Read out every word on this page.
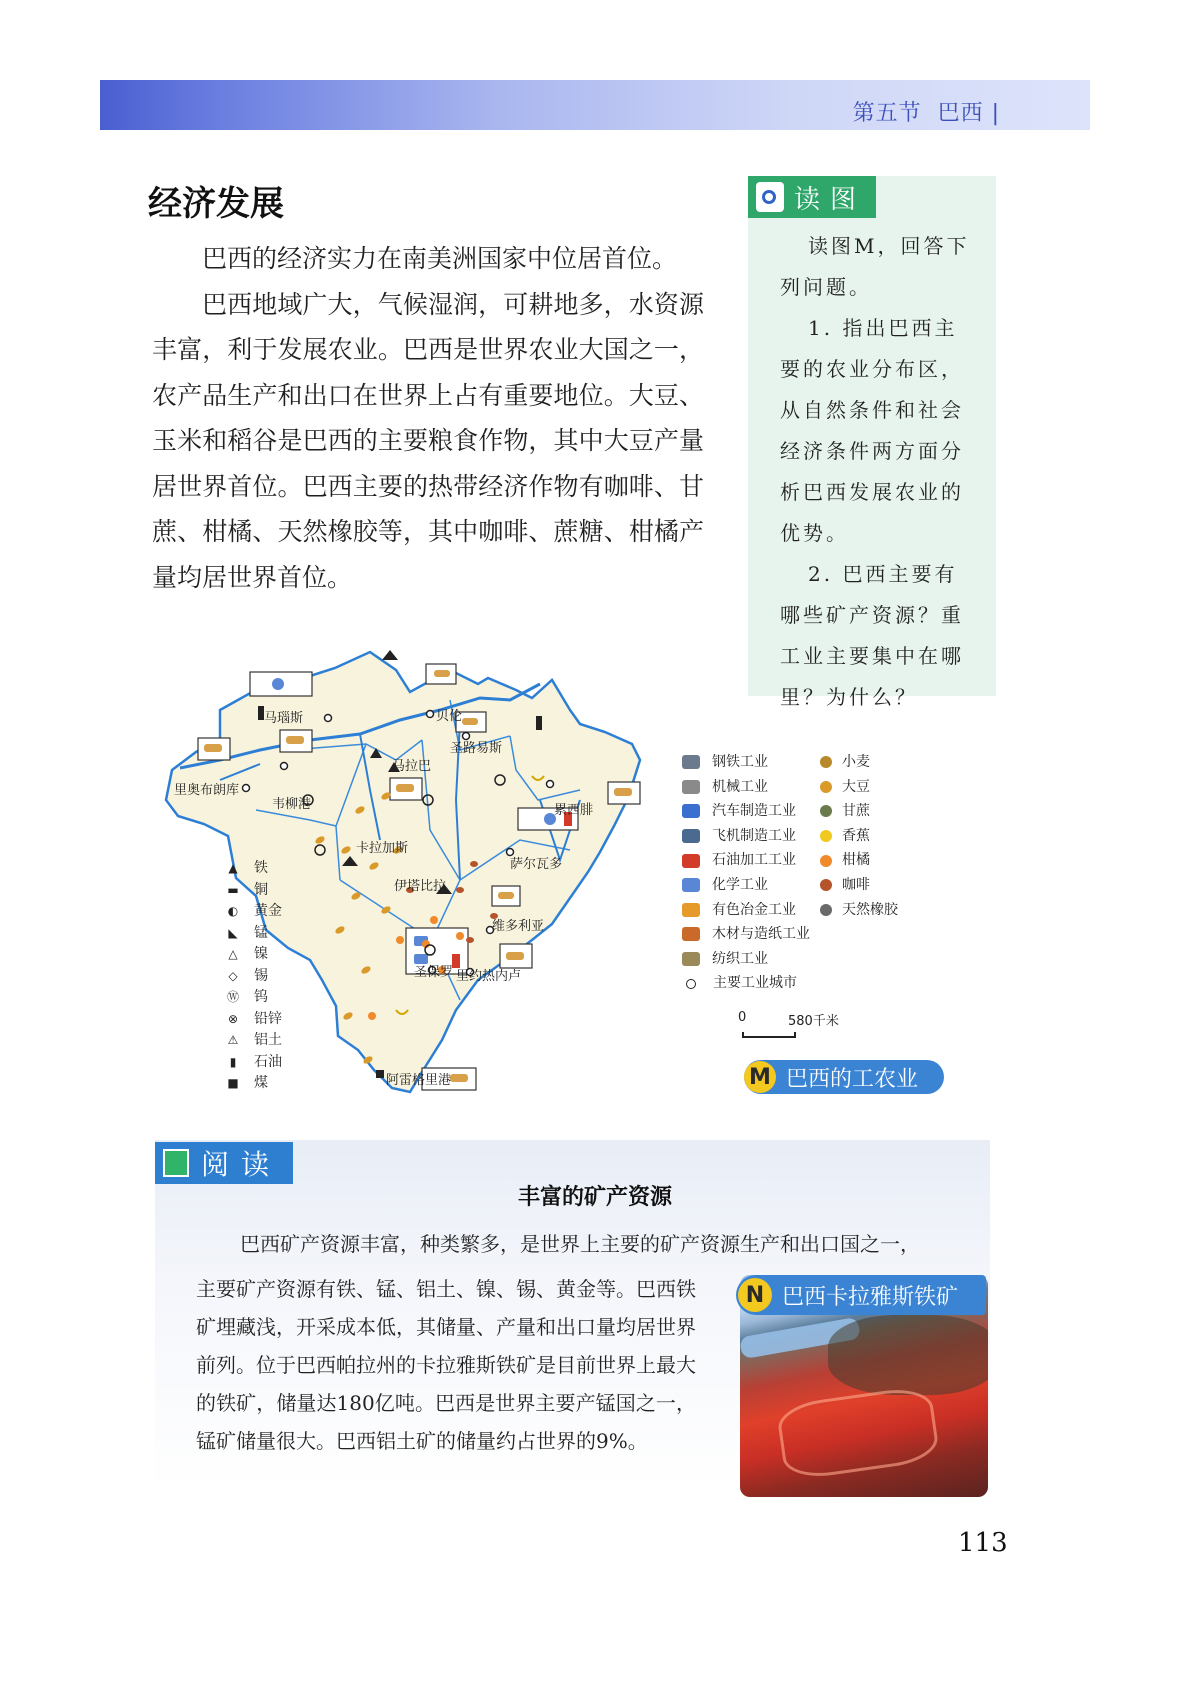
第五节 巴西 |
经济发展

巴西的经济实力在南美洲国家中位居首位。

巴西地域广大，气候湿润，可耕地多，水资源丰富，利于发展农业。巴西是世界农业大国之一，农产品生产和出口在世界上占有重要地位。大豆、玉米和稻谷是巴西的主要粮食作物，其中大豆产量居世界首位。巴西主要的热带经济作物有咖啡、甘蔗、柑橘、天然橡胶等，其中咖啡、蔗糖、柑橘产量均居世界首位。

读图

读图M，回答下列问题。

1. 指出巴西主要的农业分布区，从自然条件和社会经济条件两方面分析巴西发展农业的优势。

2. 巴西主要有哪些矿产资源？重工业主要集中在哪里？为什么？

马瑙斯	贝伦
圣路易斯
马拉巴
里奥布朗库
韦柳港	累西腓
卡拉加斯
萨尔瓦多
伊塔比拉
维多利亚
圣保罗 里约热内卢
阿雷格里港
▲ 铁
▬ 铜
◐ 黄金
◣ 锰
△ 镍
◇ 锡
Ⓦ 钨
⊗ 铅锌
⚠ 铝土
▮ 石油
■ 煤
钢铁工业
机械工业
汽车制造工业
飞机制造工业
石油加工工业
化学工业
有色冶金工业
木材与造纸工业
纺织工业
主要工业城市
小麦
大豆
甘蔗
香蕉
柑橘
咖啡
天然橡胶
0	580千米
M 巴西的工农业
阅读
丰富的矿产资源
巴西矿产资源丰富，种类繁多，是世界上主要的矿产资源生产和出口国之一，

主要矿产资源有铁、锰、铝土、镍、锡、黄金等。巴西铁矿埋藏浅，开采成本低，其储量、产量和出口量均居世界前列。位于巴西帕拉州的卡拉雅斯铁矿是目前世界上最大的铁矿，储量达180亿吨。巴西是世界主要产锰国之一，锰矿储量很大。巴西铝土矿的储量约占世界的9%。

N 巴西卡拉雅斯铁矿
113
